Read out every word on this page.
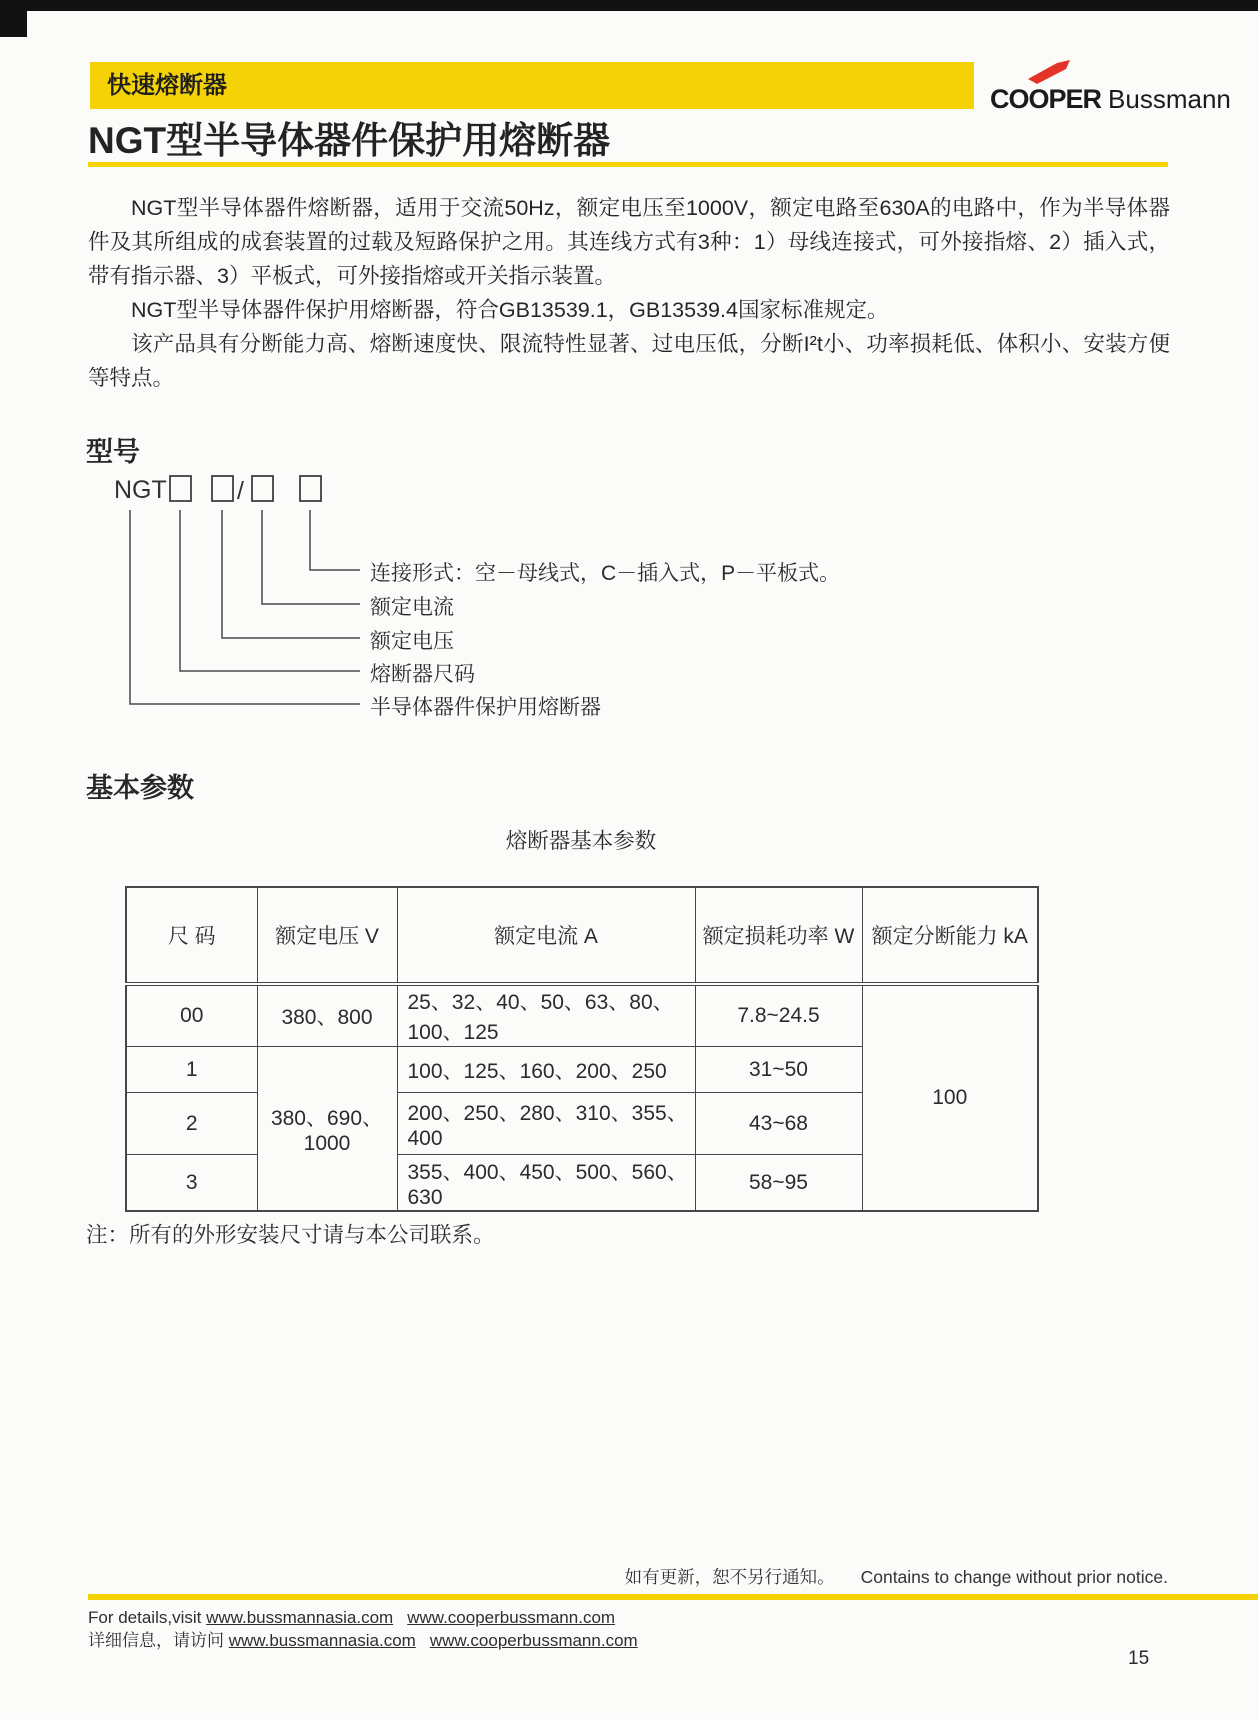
快速熔断器	COOPER Bussmann
NGT型半导体器件保护用熔断器

NGT型半导体器件熔断器，适用于交流50Hz，额定电压至1000V，额定电路至630A的电路中，作为半导体器件及其所组成的成套装置的过载及短路保护之用。其连线方式有3种：1）母线连接式，可外接指熔、2）插入式，带有指示器、3）平板式，可外接指熔或开关指示装置。

NGT型半导体器件保护用熔断器，符合GB13539.1，GB13539.4国家标准规定。

该产品具有分断能力高、熔断速度快、限流特性显著、过电压低，分断I²t小、功率损耗低、体积小、安装方便等特点。

型号
NGT	/
连接形式：空－母线式，C－插入式，P－平板式。
额定电流
额定电压
熔断器尺码
半导体器件保护用熔断器
基本参数
熔断器基本参数
尺 码	额定电压 V	额定电流 A	额定损耗功率 W	额定分断能力 kA
00	380、800	25、32、40、50、63、80、100、125	7.8~24.5	100
1	380、690、1000	100、125、160、200、250	31~50	
2		200、250、280、310、355、400	43~68	
3		355、400、450、500、560、630	58~95	
注：所有的外形安装尺寸请与本公司联系。
如有更新，恕不另行通知。 Contains to change without prior notice.
For details,visit www.bussmannasia.com www.cooperbussmann.com
详细信息，请访问 www.bussmannasia.com www.cooperbussmann.com
15
